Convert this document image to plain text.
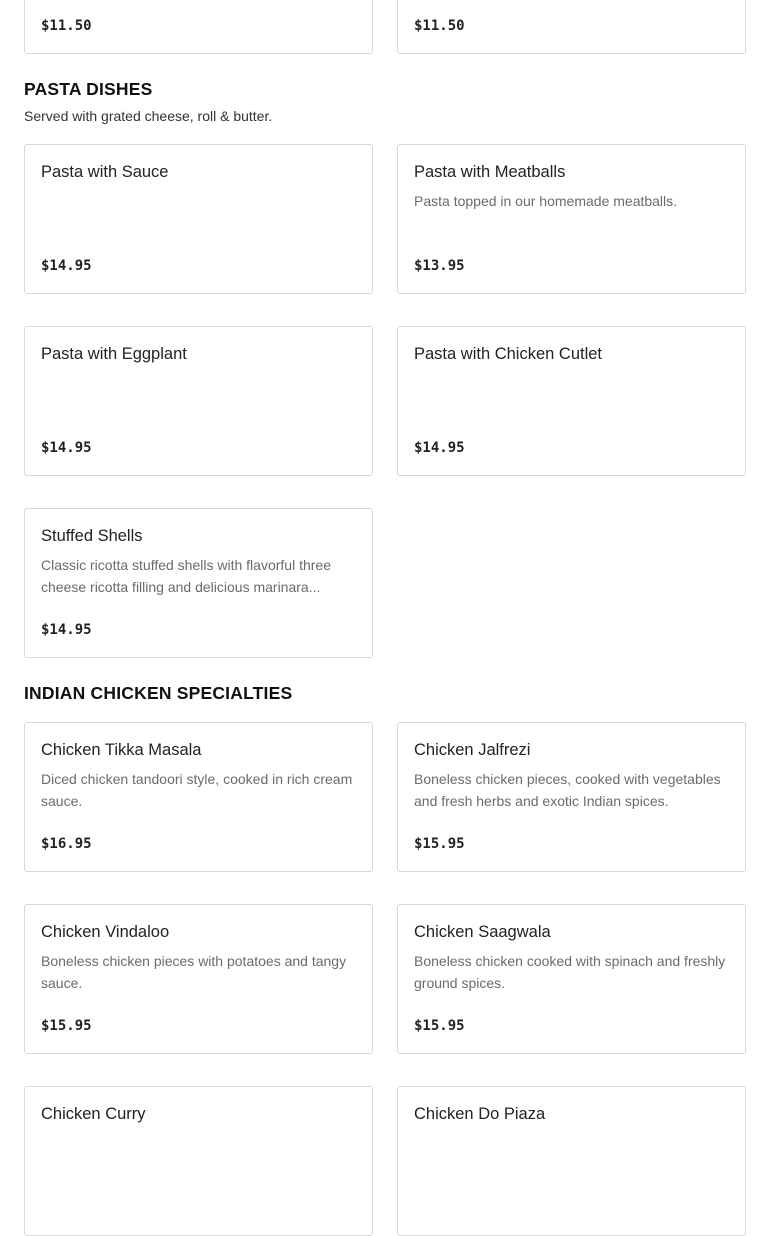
$11.50	$11.50
PASTA DISHES
Served with grated cheese, roll & butter.
Pasta with Sauce
$14.95
Pasta with Meatballs
Pasta topped in our homemade meatballs.
$13.95
Pasta with Eggplant
$14.95
Pasta with Chicken Cutlet
$14.95
Stuffed Shells
Classic ricotta stuffed shells with flavorful three cheese ricotta filling and delicious marinara...
$14.95
INDIAN CHICKEN SPECIALTIES
Chicken Tikka Masala
Diced chicken tandoori style, cooked in rich cream sauce.
$16.95
Chicken Jalfrezi
Boneless chicken pieces, cooked with vegetables and fresh herbs and exotic Indian spices.
$15.95
Chicken Vindaloo
Boneless chicken pieces with potatoes and tangy sauce.
$15.95
Chicken Saagwala
Boneless chicken cooked with spinach and freshly ground spices.
$15.95
Chicken Curry	Chicken Do Piaza
